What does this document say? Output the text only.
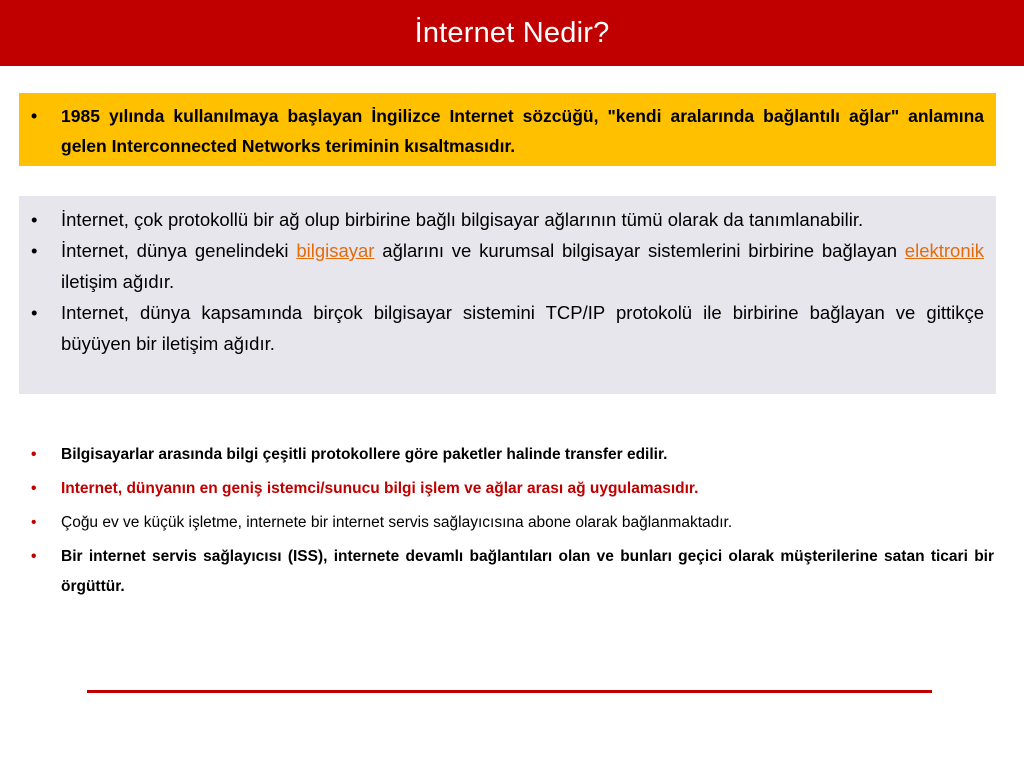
İnternet Nedir?
• 1985 yılında kullanılmaya başlayan İngilizce Internet sözcüğü, "kendi aralarında bağlantılı ağlar" anlamına gelen Interconnected Networks teriminin kısaltmasıdır.
• İnternet, çok protokollü bir ağ olup birbirine bağlı bilgisayar ağlarının tümü olarak da tanımlanabilir.
• İnternet, dünya genelindeki bilgisayar ağlarını ve kurumsal bilgisayar sistemlerini birbirine bağlayan elektronik iletişim ağıdır.
• Internet, dünya kapsamında birçok bilgisayar sistemini TCP/IP protokolü ile birbirine bağlayan ve gittikçe büyüyen bir iletişim ağıdır.
• Bilgisayarlar arasında bilgi çeşitli protokollere göre paketler halinde transfer edilir.
• Internet, dünyanın en geniş istemci/sunucu bilgi işlem ve ağlar arası ağ uygulamasıdır.
• Çoğu ev ve küçük işletme, internete bir internet servis sağlayıcısına abone olarak bağlanmaktadır.
• Bir internet servis sağlayıcısı (ISS), internete devamlı bağlantıları olan ve bunları geçici olarak müşterilerine satan ticari bir örgüttür.
